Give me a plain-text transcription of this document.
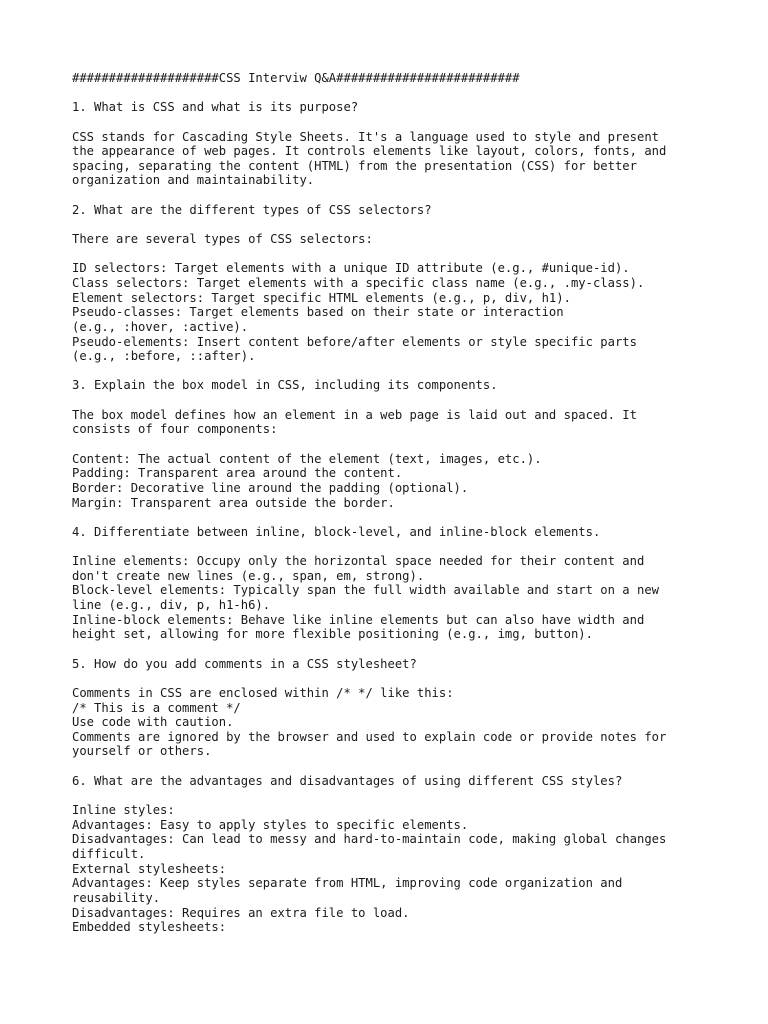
####################CSS Interviw Q&A#########################
1. What is CSS and what is its purpose?
CSS stands for Cascading Style Sheets. It's a language used to style and present
the appearance of web pages. It controls elements like layout, colors, fonts, and
spacing, separating the content (HTML) from the presentation (CSS) for better
organization and maintainability.
2. What are the different types of CSS selectors?
There are several types of CSS selectors:
ID selectors: Target elements with a unique ID attribute (e.g., #unique-id).
Class selectors: Target elements with a specific class name (e.g., .my-class).
Element selectors: Target specific HTML elements (e.g., p, div, h1).
Pseudo-classes: Target elements based on their state or interaction
(e.g., :hover, :active).
Pseudo-elements: Insert content before/after elements or style specific parts
(e.g., :before, ::after).
3. Explain the box model in CSS, including its components.
The box model defines how an element in a web page is laid out and spaced. It
consists of four components:
Content: The actual content of the element (text, images, etc.).
Padding: Transparent area around the content.
Border: Decorative line around the padding (optional).
Margin: Transparent area outside the border.
4. Differentiate between inline, block-level, and inline-block elements.
Inline elements: Occupy only the horizontal space needed for their content and
don't create new lines (e.g., span, em, strong).
Block-level elements: Typically span the full width available and start on a new
line (e.g., div, p, h1-h6).
Inline-block elements: Behave like inline elements but can also have width and
height set, allowing for more flexible positioning (e.g., img, button).
5. How do you add comments in a CSS stylesheet?
Comments in CSS are enclosed within /* */ like this:
/* This is a comment */
Use code with caution.
Comments are ignored by the browser and used to explain code or provide notes for
yourself or others.
6. What are the advantages and disadvantages of using different CSS styles?
Inline styles:
Advantages: Easy to apply styles to specific elements.
Disadvantages: Can lead to messy and hard-to-maintain code, making global changes
difficult.
External stylesheets:
Advantages: Keep styles separate from HTML, improving code organization and
reusability.
Disadvantages: Requires an extra file to load.
Embedded stylesheets:
